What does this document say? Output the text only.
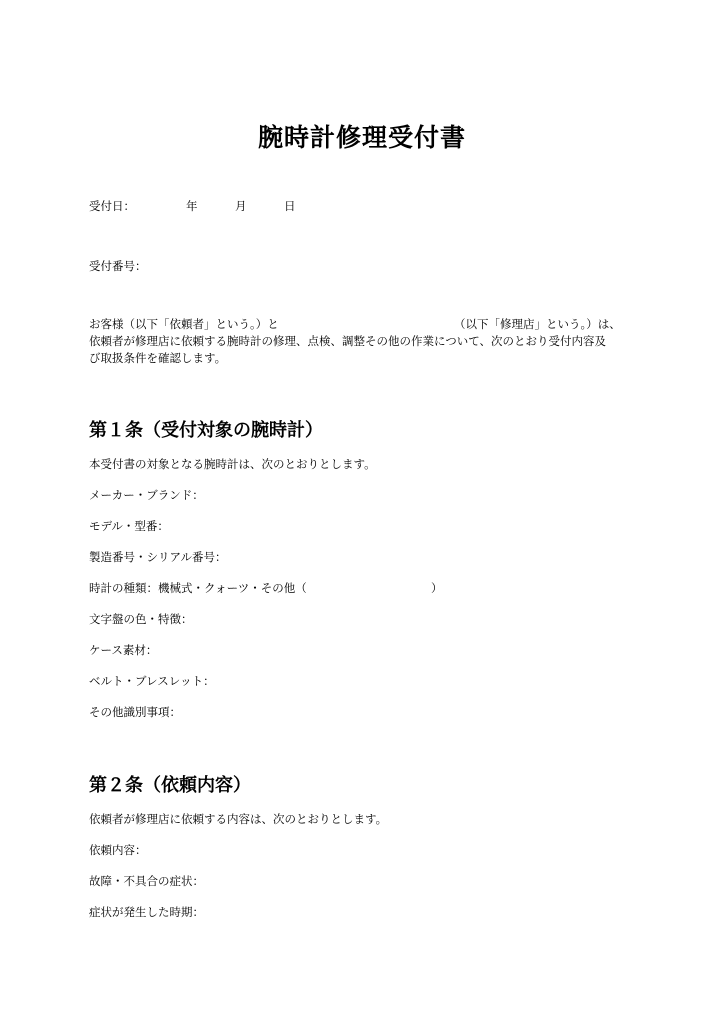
腕時計修理受付書
受付日：	年	月	日
受付番号：
お客様（以下「依頼者」という。）と	（以下「修理店」という。）は、
依頼者が修理店に依頼する腕時計の修理、点検、調整その他の作業について、次のとおり受付内容及
び取扱条件を確認します。
第１条（受付対象の腕時計）
本受付書の対象となる腕時計は、次のとおりとします。
メーカー・ブランド：
モデル・型番：
製造番号・シリアル番号：
時計の種類：機械式・クォーツ・その他（	）
文字盤の色・特徴：
ケース素材：
ベルト・ブレスレット：
その他識別事項：
第２条（依頼内容）
依頼者が修理店に依頼する内容は、次のとおりとします。
依頼内容：
故障・不具合の症状：
症状が発生した時期：
